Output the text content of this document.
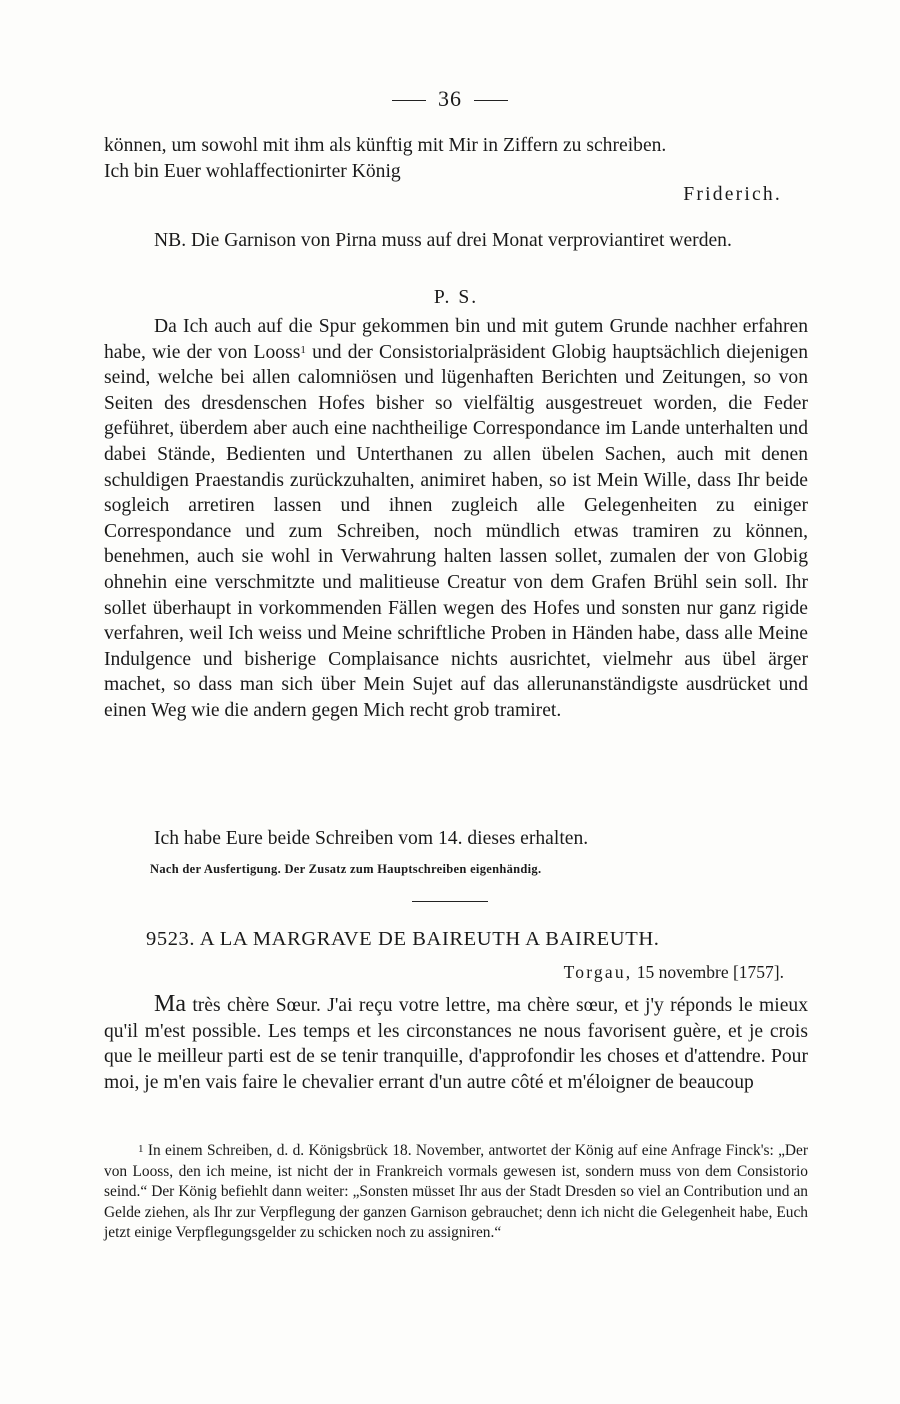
36

können, um sowohl mit ihm als künftig mit Mir in Ziffern zu schreiben.

Ich bin Euer wohlaffectionirter König

Friderich.

NB. Die Garnison von Pirna muss auf drei Monat verproviantiret werden.

P. S.

Da Ich auch auf die Spur gekommen bin und mit gutem Grunde nachher erfahren habe, wie der von Looss$^1$ und der Consistorialpräsident Globig hauptsächlich diejenigen seind, welche bei allen calomniösen und lügenhaften Berichten und Zeitungen, so von Seiten des dresdenschen Hofes bisher so vielfältig ausgestreuet worden, die Feder geführet, überdem aber auch eine nachtheilige Correspondance im Lande unterhalten und dabei Stände, Bedienten und Unterthanen zu allen übelen Sachen, auch mit denen schuldigen Praestandis zurückzuhalten, animiret haben, so ist Mein Wille, dass Ihr beide sogleich arretiren lassen und ihnen zugleich alle Gelegenheiten zu einiger Correspondance und zum Schreiben, noch mündlich etwas tramiren zu können, benehmen, auch sie wohl in Verwahrung halten lassen sollet, zumalen der von Globig ohnehin eine verschmitzte und malitieuse Creatur von dem Grafen Brühl sein soll. Ihr sollet überhaupt in vorkommenden Fällen wegen des Hofes und sonsten nur ganz rigide verfahren, weil Ich weiss und Meine schriftliche Proben in Händen habe, dass alle Meine Indulgence und bisherige Complaisance nichts ausrichtet, vielmehr aus übel ärger machet, so dass man sich über Mein Sujet auf das allerunanständigste ausdrücket und einen Weg wie die andern gegen Mich recht grob tramiret.

Ich habe Eure beide Schreiben vom 14. dieses erhalten.

Nach der Ausfertigung. Der Zusatz zum Hauptschreiben eigenhändig.
9523. A LA MARGRAVE DE BAIREUTH A BAIREUTH.
Torgau, 15 novembre [1757].

Ma très chère Sœur. J'ai reçu votre lettre, ma chère sœur, et j'y réponds le mieux qu'il m'est possible. Les temps et les circonstances ne nous favorisent guère, et je crois que le meilleur parti est de se tenir tranquille, d'approfondir les choses et d'attendre. Pour moi, je m'en vais faire le chevalier errant d'un autre côté et m'éloigner de beaucoup

$^1$ In einem Schreiben, d. d. Königsbrück 18. November, antwortet der König auf eine Anfrage Finck's: „Der von Looss, den ich meine, ist nicht der in Frankreich vormals gewesen ist, sondern muss von dem Consistorio seind.“ Der König befiehlt dann weiter: „Sonsten müsset Ihr aus der Stadt Dresden so viel an Contribution und an Gelde ziehen, als Ihr zur Verpflegung der ganzen Garnison gebrauchet; denn ich nicht die Gelegenheit habe, Euch jetzt einige Verpflegungsgelder zu schicken noch zu assigniren.“
